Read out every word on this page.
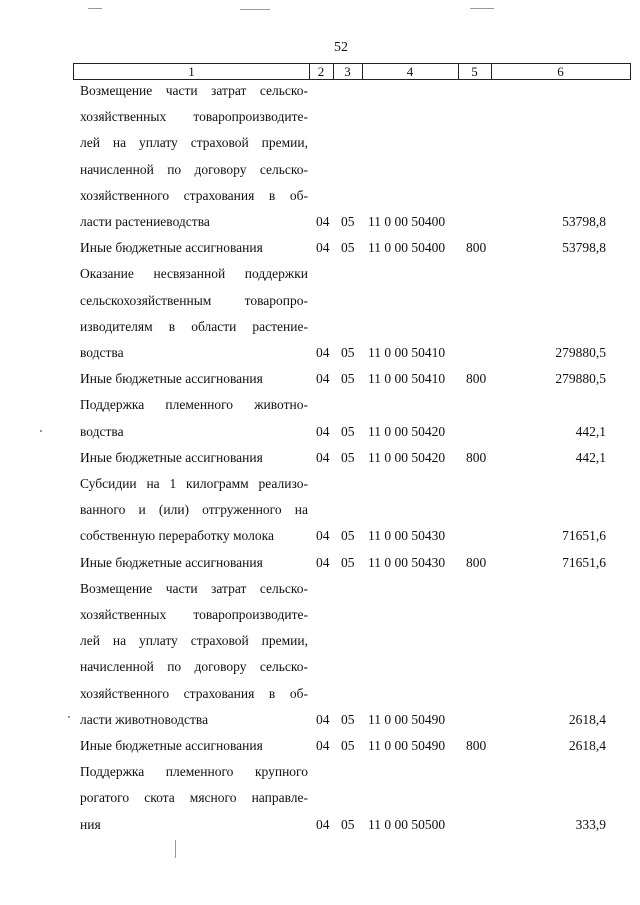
52
1	2	3	4	5	6
Возмещение части затрат сельско-
хозяйственных товаропроизводите-
лей на уплату страховой премии,
начисленной по договору сельско-
хозяйственного страхования в об-
ласти растениеводства	04 05 11 0 00 50400	53798,8
Иные бюджетные ассигнования	04 05 11 0 00 50400 800	53798,8
Оказание несвязанной поддержки
сельскохозяйственным товаропро-
изводителям в области растение-
водства	04 05 11 0 00 50410	279880,5
Иные бюджетные ассигнования	04 05 11 0 00 50410 800	279880,5
Поддержка племенного животно-
водства	04 05 11 0 00 50420	442,1
Иные бюджетные ассигнования	04 05 11 0 00 50420 800	442,1
Субсидии на 1 килограмм реализо-
ванного и (или) отгруженного на
собственную переработку молока	04 05 11 0 00 50430	71651,6
Иные бюджетные ассигнования	04 05 11 0 00 50430 800	71651,6
Возмещение части затрат сельско-
хозяйственных товаропроизводите-
лей на уплату страховой премии,
начисленной по договору сельско-
хозяйственного страхования в об-
ласти животноводства	04 05 11 0 00 50490	2618,4
Иные бюджетные ассигнования	04 05 11 0 00 50490 800	2618,4
Поддержка племенного крупного
рогатого скота мясного направле-
ния	04 05 11 0 00 50500	333,9
